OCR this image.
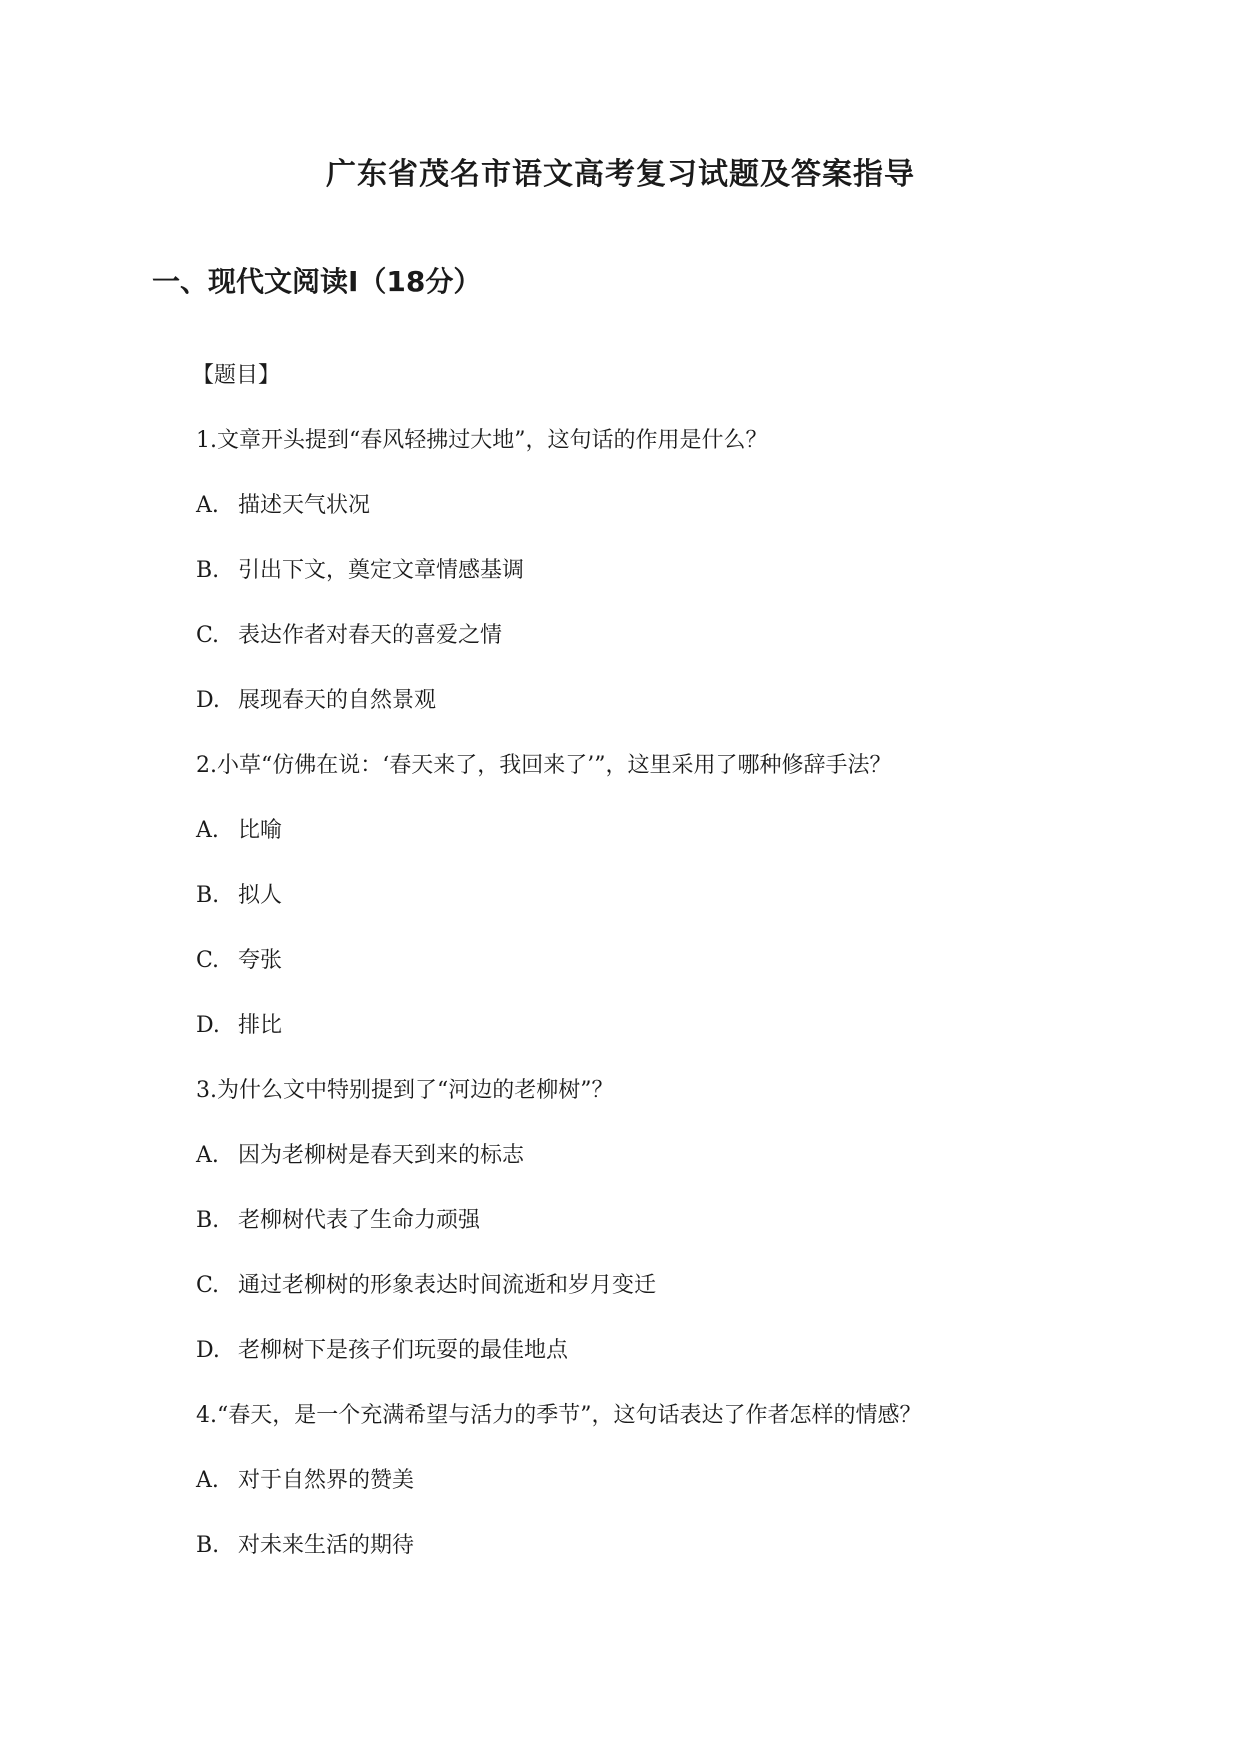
广东省茂名市语文高考复习试题及答案指导
一、现代文阅读Ⅰ（18分）
【题目】
1.文章开头提到“春风轻拂过大地”，这句话的作用是什么？
A. 描述天气状况
B. 引出下文，奠定文章情感基调
C. 表达作者对春天的喜爱之情
D. 展现春天的自然景观
2.小草“仿佛在说：‘春天来了，我回来了’”，这里采用了哪种修辞手法？
A. 比喻
B. 拟人
C. 夸张
D. 排比
3.为什么文中特别提到了“河边的老柳树”？
A. 因为老柳树是春天到来的标志
B. 老柳树代表了生命力顽强
C. 通过老柳树的形象表达时间流逝和岁月变迁
D. 老柳树下是孩子们玩耍的最佳地点
4.“春天，是一个充满希望与活力的季节”，这句话表达了作者怎样的情感？
A. 对于自然界的赞美
B. 对未来生活的期待
